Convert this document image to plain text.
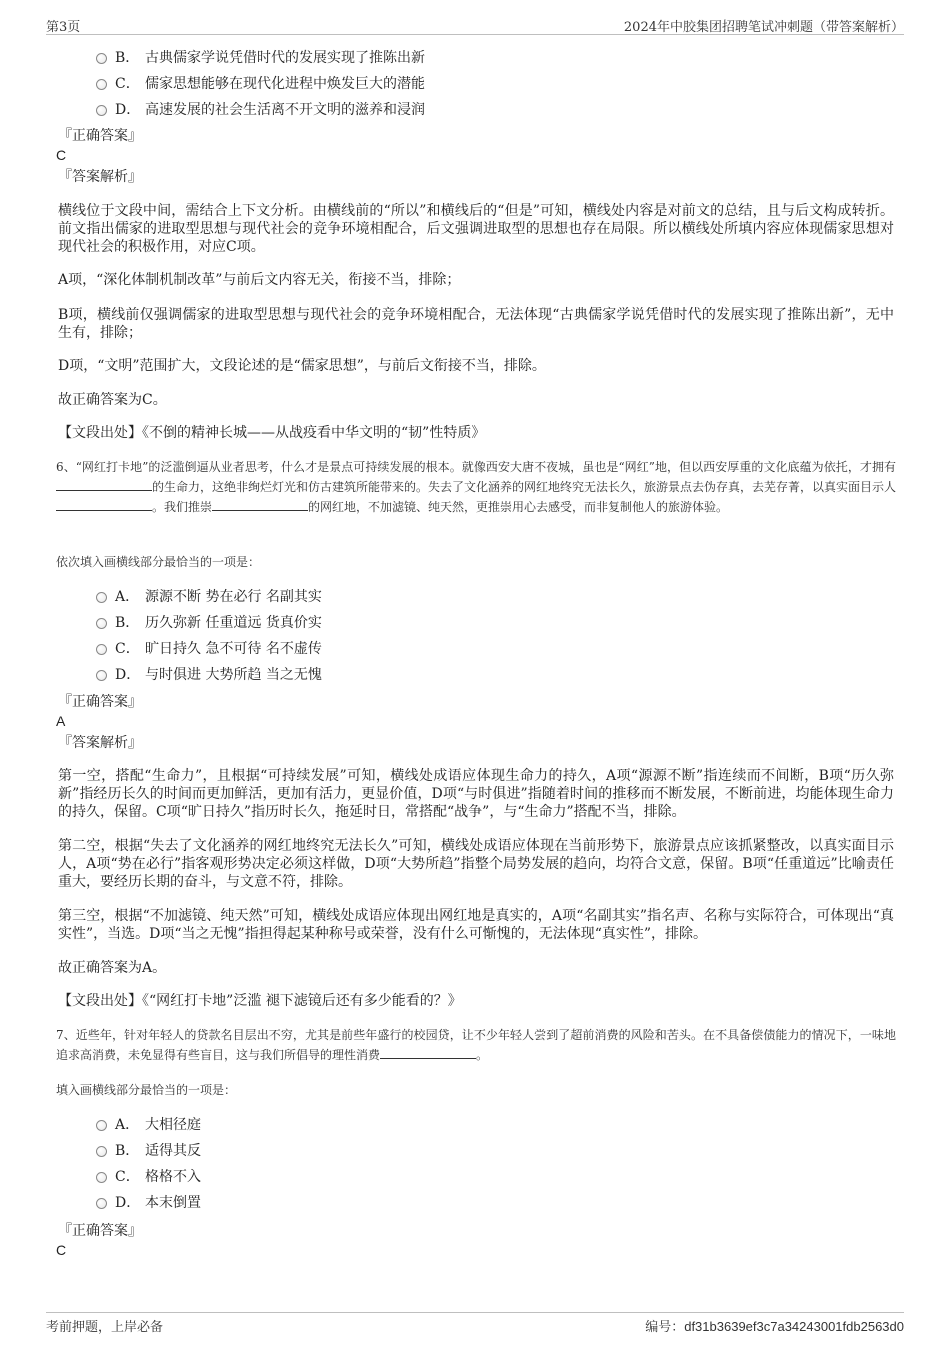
第3页	2024年中胶集团招聘笔试冲刺题（带答案解析）
B． 古典儒家学说凭借时代的发展实现了推陈出新
C． 儒家思想能够在现代化进程中焕发巨大的潜能
D． 高速发展的社会生活离不开文明的滋养和浸润
『正确答案』
C
『答案解析』
横线位于文段中间，需结合上下文分析。由横线前的“所以”和横线后的“但是”可知，横线处内容是对前文的总结，且与后文构成转折。前文指出儒家的进取型思想与现代社会的竞争环境相配合，后文强调进取型的思想也存在局限。所以横线处所填内容应体现儒家思想对现代社会的积极作用，对应C项。
A项，“深化体制机制改革”与前后文内容无关，衔接不当，排除；
B项，横线前仅强调儒家的进取型思想与现代社会的竞争环境相配合，无法体现“古典儒家学说凭借时代的发展实现了推陈出新”，无中生有，排除；
D项，“文明”范围扩大，文段论述的是“儒家思想”，与前后文衔接不当，排除。
故正确答案为C。
【文段出处】《不倒的精神长城——从战疫看中华文明的“韧”性特质》
6、“网红打卡地”的泛滥倒逼从业者思考，什么才是景点可持续发展的根本。就像西安大唐不夜城，虽也是“网红”地，但以西安厚重的文化底蕴为依托，才拥有的生命力，这绝非绚烂灯光和仿古建筑所能带来的。失去了文化涵养的网红地终究无法长久，旅游景点去伪存真，去芜存菁，以真实面目示人。我们推崇	的网红地，不加滤镜、纯天然，更推崇用心去感受，而非复制他人的旅游体验。
依次填入画横线部分最恰当的一项是：
A． 源源不断 势在必行 名副其实
B． 历久弥新 任重道远 货真价实
C． 旷日持久 急不可待 名不虚传
D． 与时俱进 大势所趋 当之无愧
『正确答案』
A
『答案解析』
第一空，搭配“生命力”，且根据“可持续发展”可知，横线处成语应体现生命力的持久，A项“源源不断”指连续而不间断，B项“历久弥新”指经历长久的时间而更加鲜活，更加有活力，更显价值，D项“与时俱进”指随着时间的推移而不断发展，不断前进，均能体现生命力的持久，保留。C项“旷日持久”指历时长久，拖延时日，常搭配“战争”，与“生命力”搭配不当，排除。
第二空，根据“失去了文化涵养的网红地终究无法长久”可知，横线处成语应体现在当前形势下，旅游景点应该抓紧整改，以真实面目示人，A项“势在必行”指客观形势决定必须这样做，D项“大势所趋”指整个局势发展的趋向，均符合文意，保留。B项“任重道远”比喻责任重大，要经历长期的奋斗，与文意不符，排除。
第三空，根据“不加滤镜、纯天然”可知，横线处成语应体现出网红地是真实的，A项“名副其实”指名声、名称与实际符合，可体现出“真实性”，当选。D项“当之无愧”指担得起某种称号或荣誉，没有什么可惭愧的，无法体现“真实性”，排除。
故正确答案为A。
【文段出处】《“网红打卡地”泛滥 褪下滤镜后还有多少能看的？》
7、近些年，针对年轻人的贷款名目层出不穷，尤其是前些年盛行的校园贷，让不少年轻人尝到了超前消费的风险和苦头。在不具备偿债能力的情况下，一味地追求高消费，未免显得有些盲目，这与我们所倡导的理性消费	。
填入画横线部分最恰当的一项是：
A． 大相径庭
B． 适得其反
C． 格格不入
D． 本末倒置
『正确答案』
C
考前押题，上岸必备	编号：df31b3639ef3c7a34243001fdb2563d0
